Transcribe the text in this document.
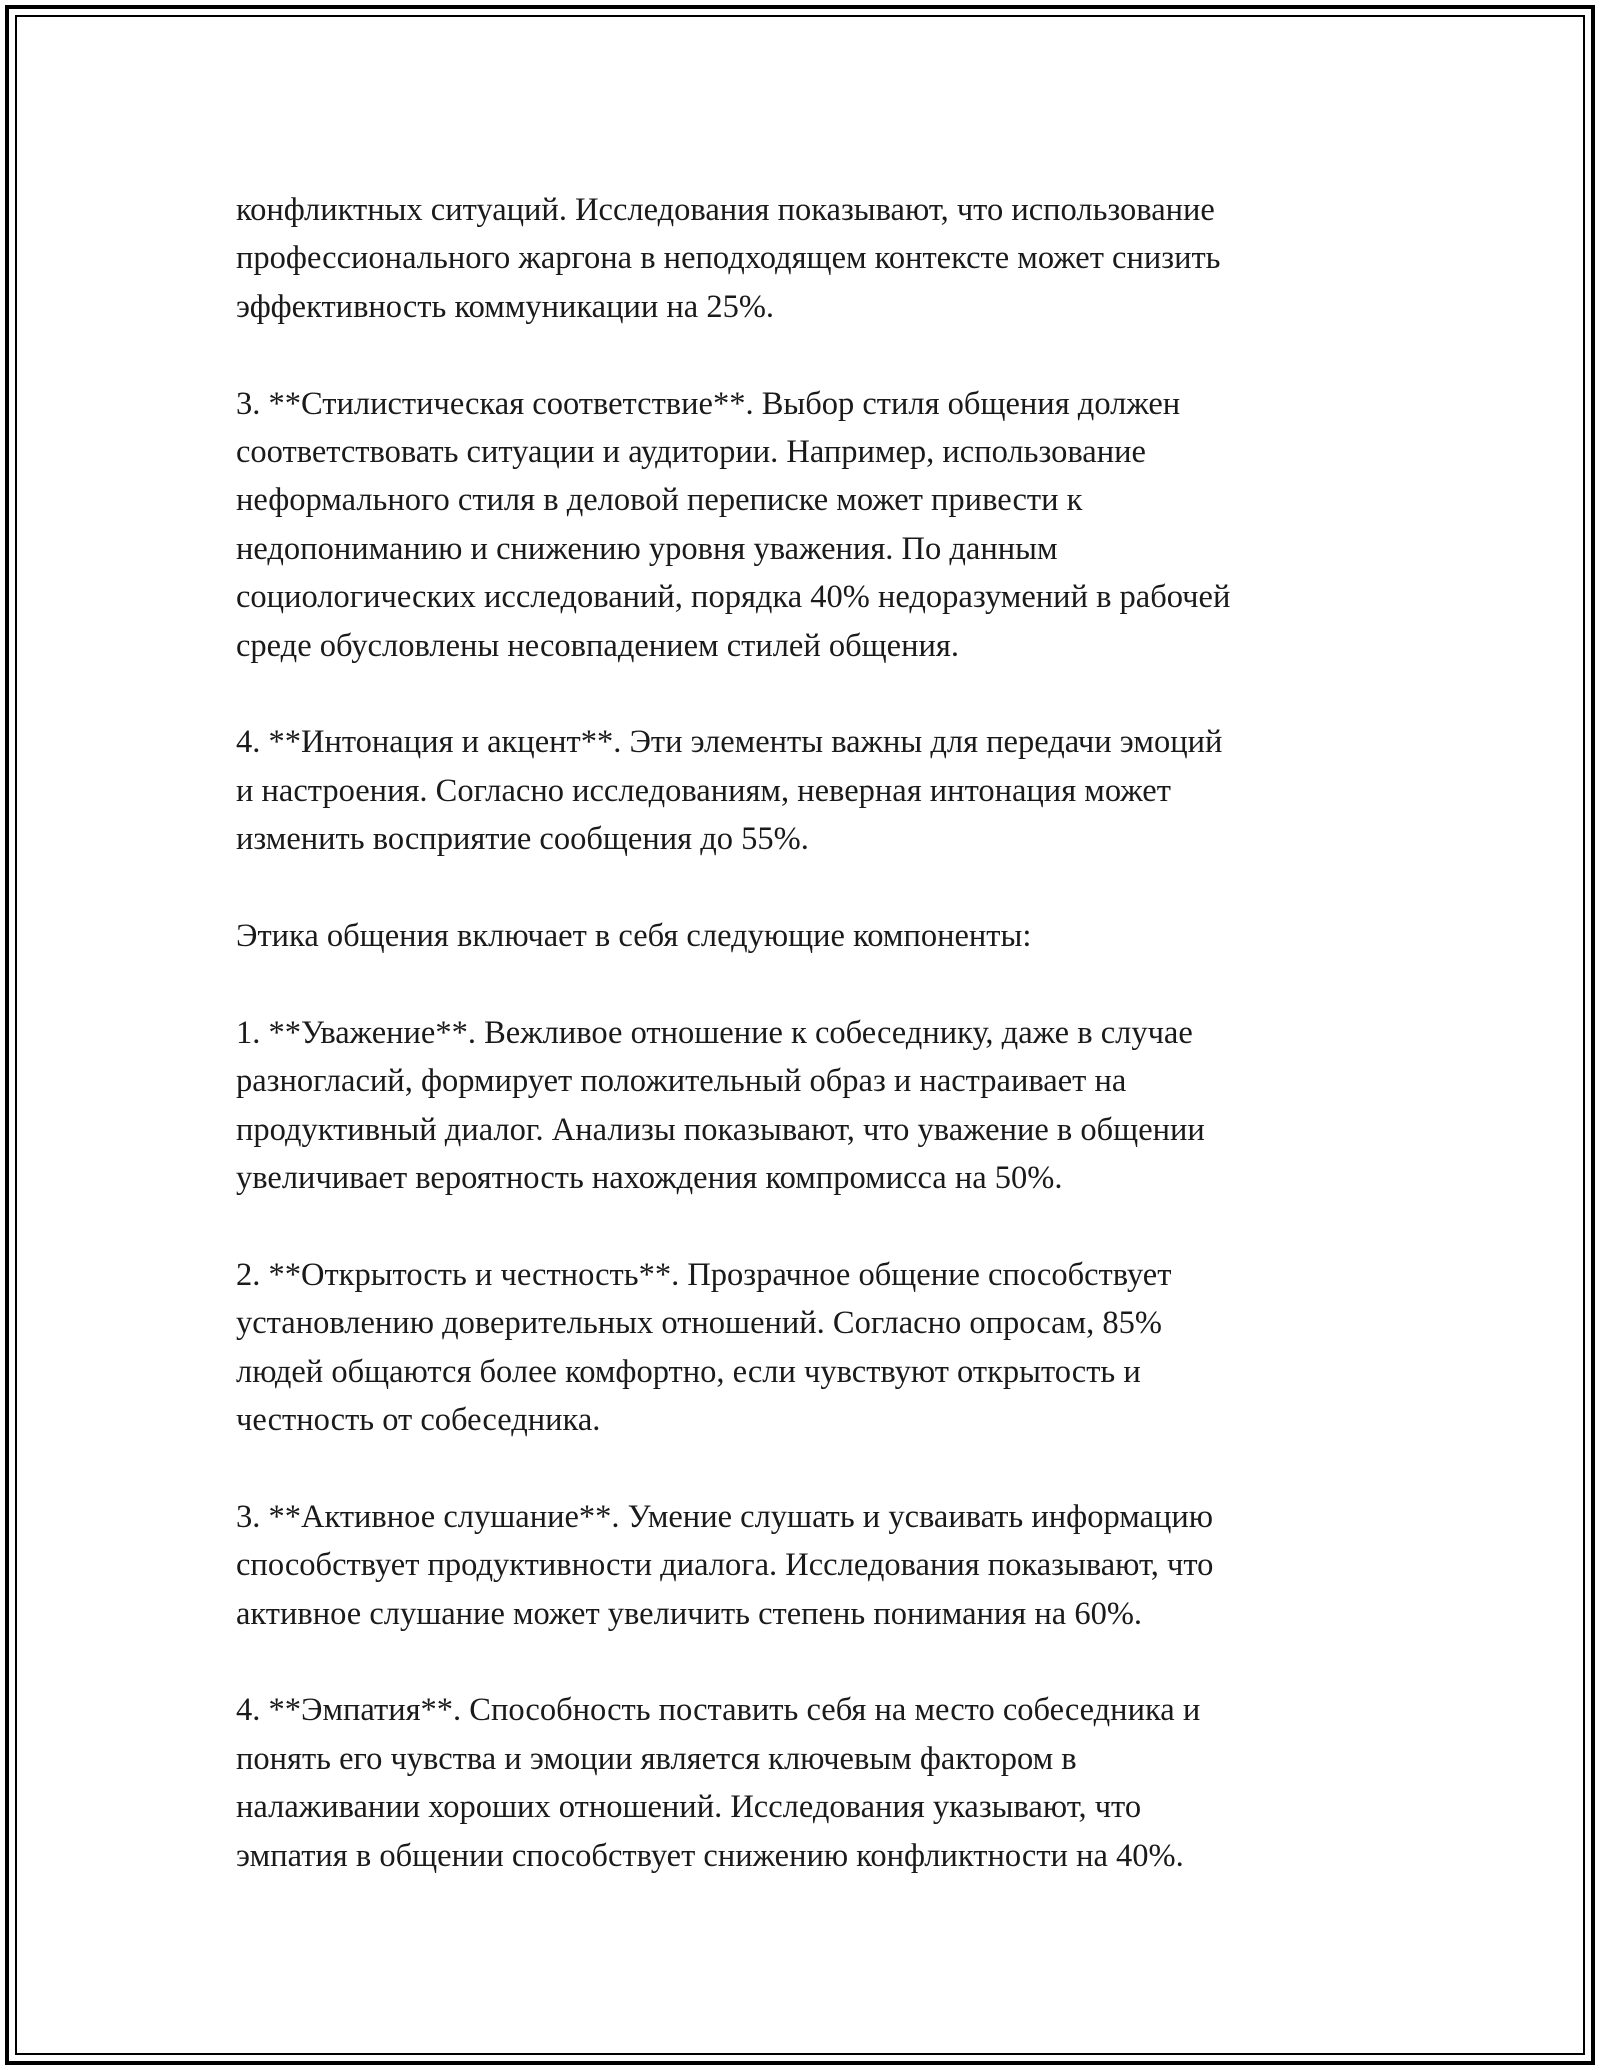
конфликтных ситуаций. Исследования показывают, что использование
профессионального жаргона в неподходящем контексте может снизить
эффективность коммуникации на 25%.

3. **Стилистическая соответствие**. Выбор стиля общения должен
соответствовать ситуации и аудитории. Например, использование
неформального стиля в деловой переписке может привести к
недопониманию и снижению уровня уважения. По данным
социологических исследований, порядка 40% недоразумений в рабочей
среде обусловлены несовпадением стилей общения.

4. **Интонация и акцент**. Эти элементы важны для передачи эмоций
и настроения. Согласно исследованиям, неверная интонация может
изменить восприятие сообщения до 55%.

Этика общения включает в себя следующие компоненты:

1. **Уважение**. Вежливое отношение к собеседнику, даже в случае
разногласий, формирует положительный образ и настраивает на
продуктивный диалог. Анализы показывают, что уважение в общении
увеличивает вероятность нахождения компромисса на 50%.

2. **Открытость и честность**. Прозрачное общение способствует
установлению доверительных отношений. Согласно опросам, 85%
людей общаются более комфортно, если чувствуют открытость и
честность от собеседника.

3. **Активное слушание**. Умение слушать и усваивать информацию
способствует продуктивности диалога. Исследования показывают, что
активное слушание может увеличить степень понимания на 60%.

4. **Эмпатия**. Способность поставить себя на место собеседника и
понять его чувства и эмоции является ключевым фактором в
налаживании хороших отношений. Исследования указывают, что
эмпатия в общении способствует снижению конфликтности на 40%.
